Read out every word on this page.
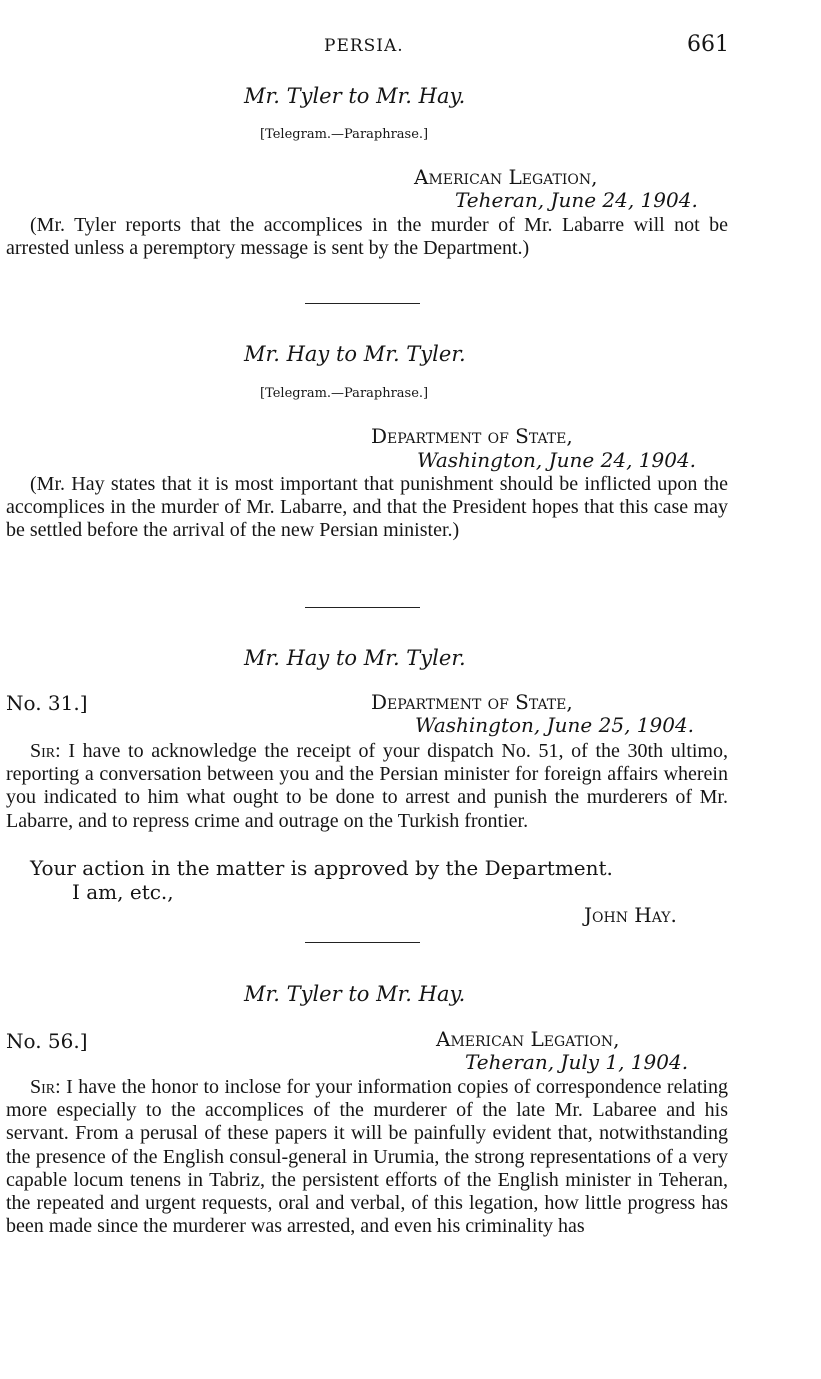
PERSIA.	661
Mr. Tyler to Mr. Hay.
[Telegram.—Paraphrase.]
American Legation,
Teheran, June 24, 1904.

(Mr. Tyler reports that the accomplices in the murder of Mr. Labarre will not be arrested unless a peremptory message is sent by the Department.)

Mr. Hay to Mr. Tyler.
[Telegram.—Paraphrase.]
Department of State,
Washington, June 24, 1904.

(Mr. Hay states that it is most important that punishment should be inflicted upon the accomplices in the murder of Mr. Labarre, and that the President hopes that this case may be settled before the arrival of the new Persian minister.)

Mr. Hay to Mr. Tyler.
No. 31.]	Department of State,
Washington, June 25, 1904.

Sir: I have to acknowledge the receipt of your dispatch No. 51, of the 30th ultimo, reporting a conversation between you and the Persian minister for foreign affairs wherein you indicated to him what ought to be done to arrest and punish the murderers of Mr. Labarre, and to repress crime and outrage on the Turkish frontier.

Your action in the matter is approved by the Department.
I am, etc.,
John Hay.
Mr. Tyler to Mr. Hay.
No. 56.]	American Legation,
Teheran, July 1, 1904.

Sir: I have the honor to inclose for your information copies of correspondence relating more especially to the accomplices of the murderer of the late Mr. Labaree and his servant. From a perusal of these papers it will be painfully evident that, notwithstanding the presence of the English consul-general in Urumia, the strong representations of a very capable locum tenens in Tabriz, the persistent efforts of the English minister in Teheran, the repeated and urgent requests, oral and verbal, of this legation, how little progress has been made since the murderer was arrested, and even his criminality has
